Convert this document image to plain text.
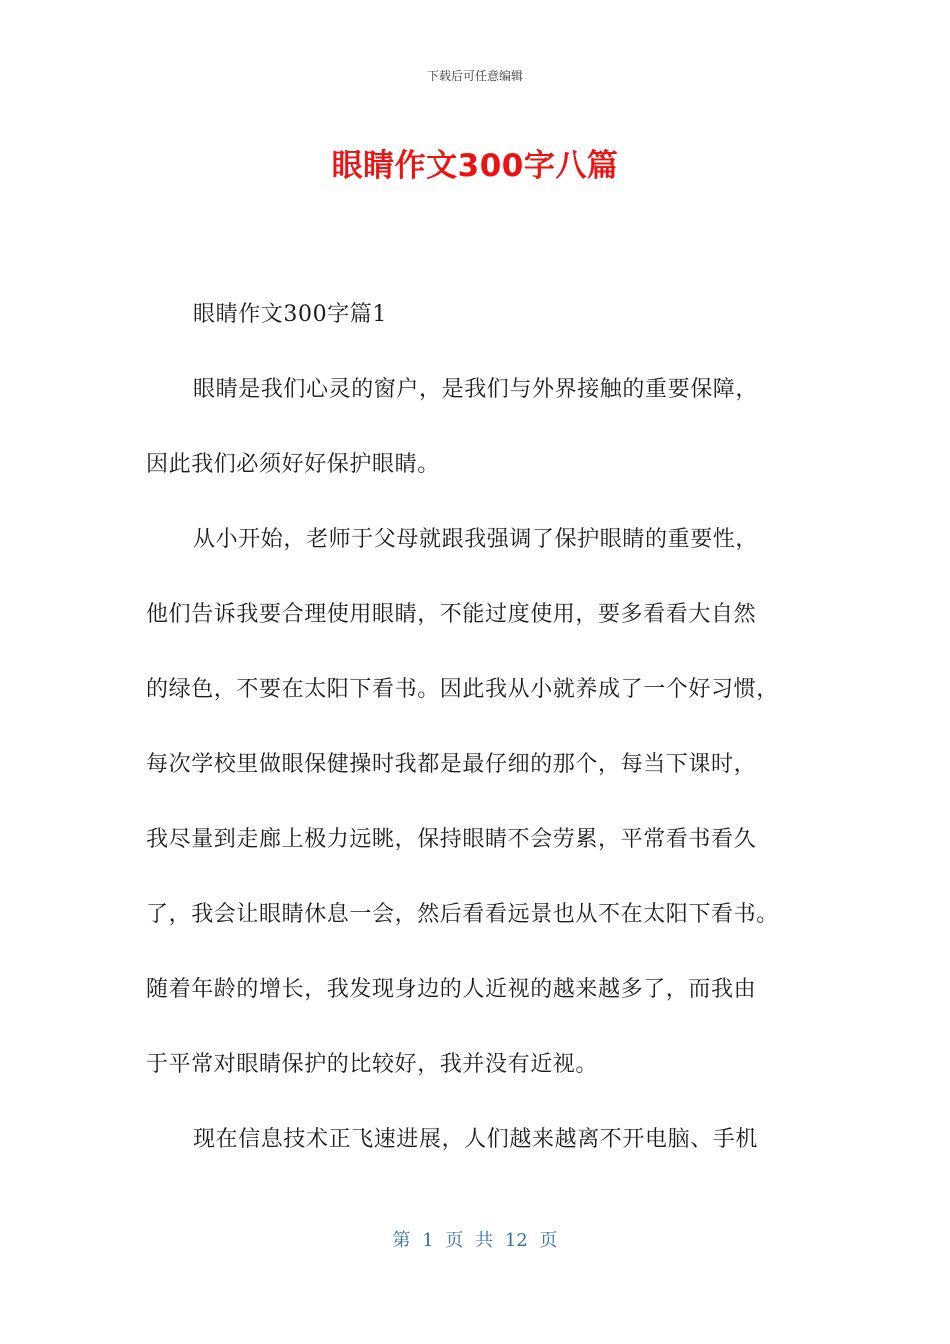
下载后可任意编辑
眼睛作文300字八篇
眼睛作文300字篇1
眼睛是我们心灵的窗户，是我们与外界接触的重要保障，
因此我们必须好好保护眼睛。
从小开始，老师于父母就跟我强调了保护眼睛的重要性，
他们告诉我要合理使用眼睛，不能过度使用，要多看看大自然
的绿色，不要在太阳下看书。因此我从小就养成了一个好习惯，
每次学校里做眼保健操时我都是最仔细的那个，每当下课时，
我尽量到走廊上极力远眺，保持眼睛不会劳累，平常看书看久
了，我会让眼睛休息一会，然后看看远景也从不在太阳下看书。
随着年龄的增长，我发现身边的人近视的越来越多了，而我由
于平常对眼睛保护的比较好，我并没有近视。
现在信息技术正飞速进展，人们越来越离不开电脑、手机
第 1 页 共 12 页
